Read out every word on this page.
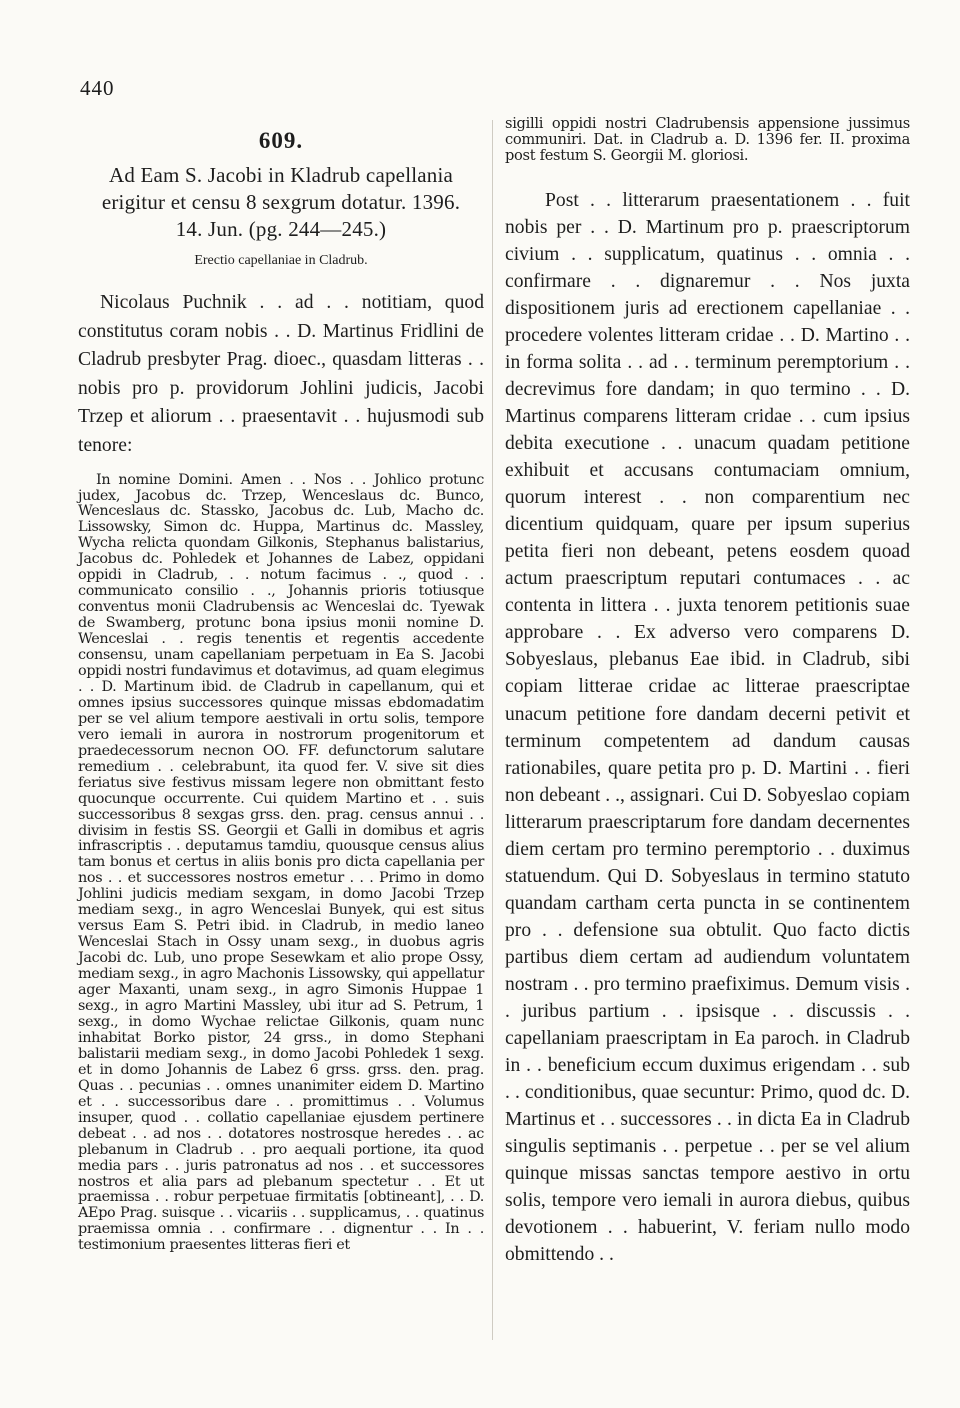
440
609.

Ad Eam S. Jacobi in Kladrub capellania

erigitur et censu 8 sexgrum dotatur. 1396.

14. Jun. (pg. 244—245.)

Erectio capellaniae in Cladrub.

Nicolaus Puchnik . . ad . . notitiam, quod constitutus coram nobis . . D. Martinus Fridlini de Cladrub presbyter Prag. dioec., quasdam litteras . . nobis pro p. providorum Johlini judicis, Jacobi Trzep et aliorum . . praesentavit . . hujusmodi sub tenore:

In nomine Domini. Amen . . Nos . . Johlico protunc judex, Jacobus dc. Trzep, Wenceslaus dc. Bunco, Wenceslaus dc. Stassko, Jacobus dc. Lub, Macho dc. Lissowsky, Simon dc. Huppa, Martinus dc. Massley, Wycha relicta quondam Gilkonis, Stephanus balistarius, Jacobus dc. Pohledek et Johannes de Labez, oppidani oppidi in Cladrub, . . notum facimus . ., quod . . communicato consilio . ., Johannis prioris totiusque conventus monii Cladrubensis ac Wenceslai dc. Tyewak de Swamberg, protunc bona ipsius monii nomine D. Wenceslai . . regis tenentis et regentis accedente consensu, unam capellaniam perpetuam in Ea S. Jacobi oppidi nostri fundavimus et dotavimus, ad quam elegimus . . D. Martinum ibid. de Cladrub in capellanum, qui et omnes ipsius successores quinque missas ebdomadatim per se vel alium tempore aestivali in ortu solis, tempore vero iemali in aurora in nostrorum progenitorum et praedecessorum necnon OO. FF. defunctorum salutare remedium . . celebrabunt, ita quod fer. V. sive sit dies feriatus sive festivus missam legere non obmittant festo quocunque occurrente. Cui quidem Martino et . . suis successoribus 8 sexgas grss. den. prag. census annui . . divisim in festis SS. Georgii et Galli in domibus et agris infrascriptis . . deputamus tamdiu, quousque census alius tam bonus et certus in aliis bonis pro dicta capellania per nos . . et successores nostros emetur . . . Primo in domo Johlini judicis mediam sexgam, in domo Jacobi Trzep mediam sexg., in agro Wenceslai Bunyek, qui est situs versus Eam S. Petri ibid. in Cladrub, in medio laneo Wenceslai Stach in Ossy unam sexg., in duobus agris Jacobi dc. Lub, uno prope Sesewkam et alio prope Ossy, mediam sexg., in agro Machonis Lissowsky, qui appellatur ager Maxanti, unam sexg., in agro Simonis Huppae 1 sexg., in agro Martini Massley, ubi itur ad S. Petrum, 1 sexg., in domo Wychae relictae Gilkonis, quam nunc inhabitat Borko pistor, 24 grss., in domo Stephani balistarii mediam sexg., in domo Jacobi Pohledek 1 sexg. et in domo Johannis de Labez 6 grss. grss. den. prag. Quas . . pecunias . . omnes unanimiter eidem D. Martino et . . successoribus dare . . promittimus . . Volumus insuper, quod . . collatio capellaniae ejusdem pertinere debeat . . ad nos . . dotatores nostrosque heredes . . ac plebanum in Cladrub . . pro aequali portione, ita quod media pars . . juris patronatus ad nos . . et successores nostros et alia pars ad plebanum spectetur . . Et ut praemissa . . robur perpetuae firmitatis [obtineant], . . D. AEpo Prag. suisque . . vicariis . . supplicamus, . . quatinus praemissa omnia . . confirmare . . dignentur . . In . . testimonium praesentes litteras fieri et

sigilli oppidi nostri Cladrubensis appensione jussimus communiri. Dat. in Cladrub a. D. 1396 fer. II. proxima post festum S. Georgii M. gloriosi.

Post . . litterarum praesentationem . . fuit nobis per . . D. Martinum pro p. praescriptorum civium . . supplicatum, quatinus . . omnia . . confirmare . . dignaremur . . Nos juxta dispositionem juris ad erectionem capellaniae . . procedere volentes litteram cridae . . D. Martino . . in forma solita . . ad . . terminum peremptorium . . decrevimus fore dandam; in quo termino . . D. Martinus comparens litteram cridae . . cum ipsius debita executione . . unacum quadam petitione exhibuit et accusans contumaciam omnium, quorum interest . . non comparentium nec dicentium quidquam, quare per ipsum superius petita fieri non debeant, petens eosdem quoad actum praescriptum reputari contumaces . . ac contenta in littera . . juxta tenorem petitionis suae approbare . . Ex adverso vero comparens D. Sobyeslaus, plebanus Eae ibid. in Cladrub, sibi copiam litterae cridae ac litterae praescriptae unacum petitione fore dandam decerni petivit et terminum competentem ad dandum causas rationabiles, quare petita pro p. D. Martini . . fieri non debeant . ., assignari. Cui D. Sobyeslao copiam litterarum praescriptarum fore dandam decernentes diem certam pro termino peremptorio . . duximus statuendum. Qui D. Sobyeslaus in termino statuto quandam cartham certa puncta in se continentem pro . . defensione sua obtulit. Quo facto dictis partibus diem certam ad audiendum voluntatem nostram . . pro termino praefiximus. Demum visis . . juribus partium . . ipsisque . . discussis . . capellaniam praescriptam in Ea paroch. in Cladrub in . . beneficium eccum duximus erigendam . . sub . . conditionibus, quae secuntur: Primo, quod dc. D. Martinus et . . successores . . in dicta Ea in Cladrub singulis septimanis . . perpetue . . per se vel alium quinque missas sanctas tempore aestivo in ortu solis, tempore vero iemali in aurora diebus, quibus devotionem . . habuerint, V. feriam nullo modo obmittendo . .
